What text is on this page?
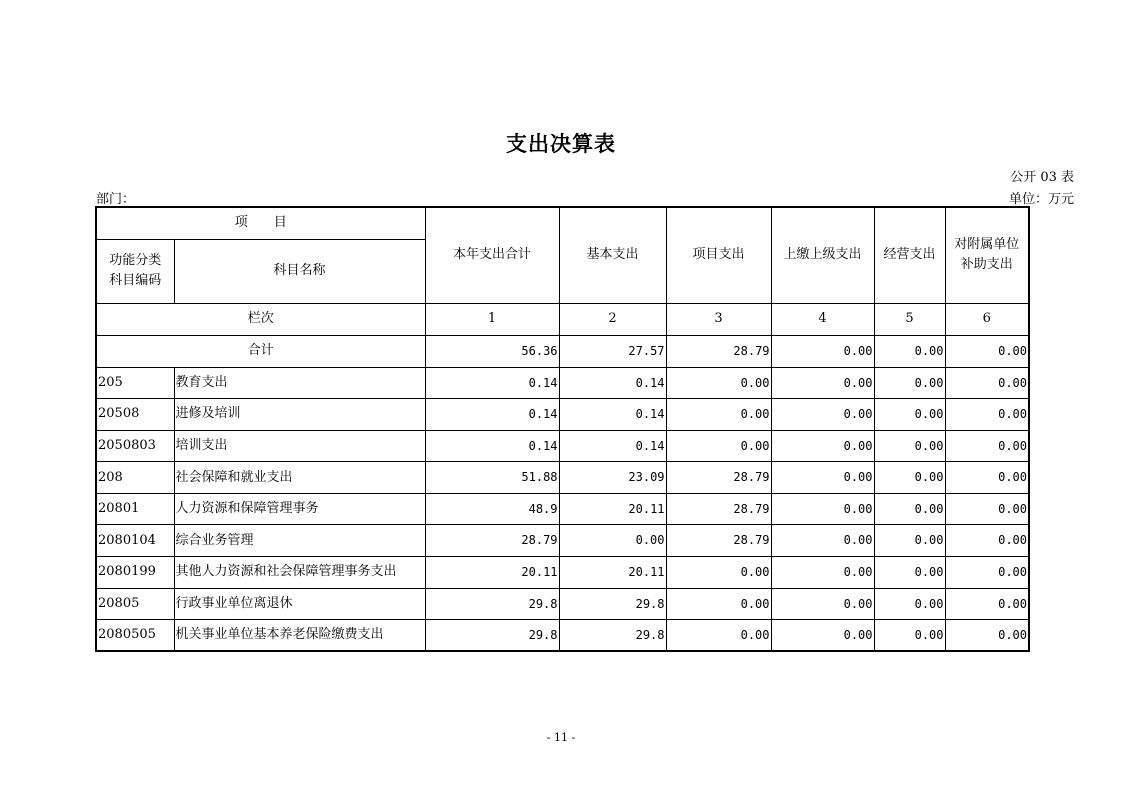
支出决算表
公开 03 表
部门：	单位：万元
项　　目		本年支出合计	基本支出	项目支出	上缴上级支出	经营支出	对附属单位补助支出
功能分类科目编码	科目名称						
栏次		1	2	3	4	5	6
合计		56.36	27.57	28.79	0.00	0.00	0.00
205	教育支出	0.14	0.14	0.00	0.00	0.00	0.00
20508	进修及培训	0.14	0.14	0.00	0.00	0.00	0.00
2050803	培训支出	0.14	0.14	0.00	0.00	0.00	0.00
208	社会保障和就业支出	51.88	23.09	28.79	0.00	0.00	0.00
20801	人力资源和保障管理事务	48.9	20.11	28.79	0.00	0.00	0.00
2080104	综合业务管理	28.79	0.00	28.79	0.00	0.00	0.00
2080199	其他人力资源和社会保障管理事务支出	20.11	20.11	0.00	0.00	0.00	0.00
20805	行政事业单位离退休	29.8	29.8	0.00	0.00	0.00	0.00
2080505	机关事业单位基本养老保险缴费支出	29.8	29.8	0.00	0.00	0.00	0.00
- 11 -
